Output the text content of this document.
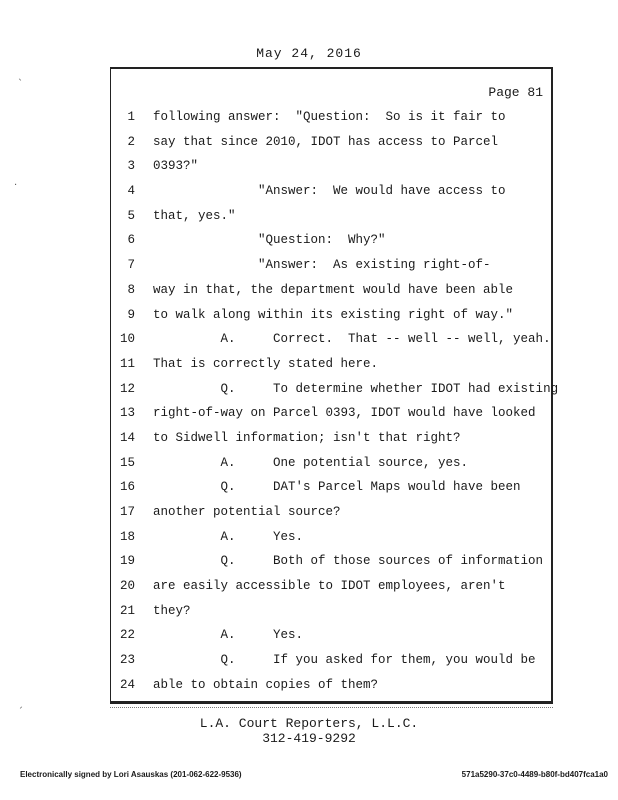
May 24, 2016
ˎ
·
ˏ
Page 81
1 following answer:  "Question:  So is it fair to
2 say that since 2010, IDOT has access to Parcel
3 0393?"
4 "Answer:  We would have access to
5 that, yes."
6 "Question:  Why?"
7 "Answer:  As existing right-of-
8 way in that, the department would have been able
9 to walk along within its existing right of way."
10 A.     Correct.  That -- well -- well, yeah.
11 That is correctly stated here.
12 Q.     To determine whether IDOT had existing
13 right-of-way on Parcel 0393, IDOT would have looked
14 to Sidwell information; isn't that right?
15 A.     One potential source, yes.
16 Q.     DAT's Parcel Maps would have been
17 another potential source?
18 A.     Yes.
19 Q.     Both of those sources of information
20 are easily accessible to IDOT employees, aren't
21 they?
22 A.     Yes.
23 Q.     If you asked for them, you would be
24 able to obtain copies of them?
L.A. Court Reporters, L.L.C.
312-419-9292
Electronically signed by Lori Asauskas (201-062-622-9536)	571a5290-37c0-4489-b80f-bd407fca1a0
